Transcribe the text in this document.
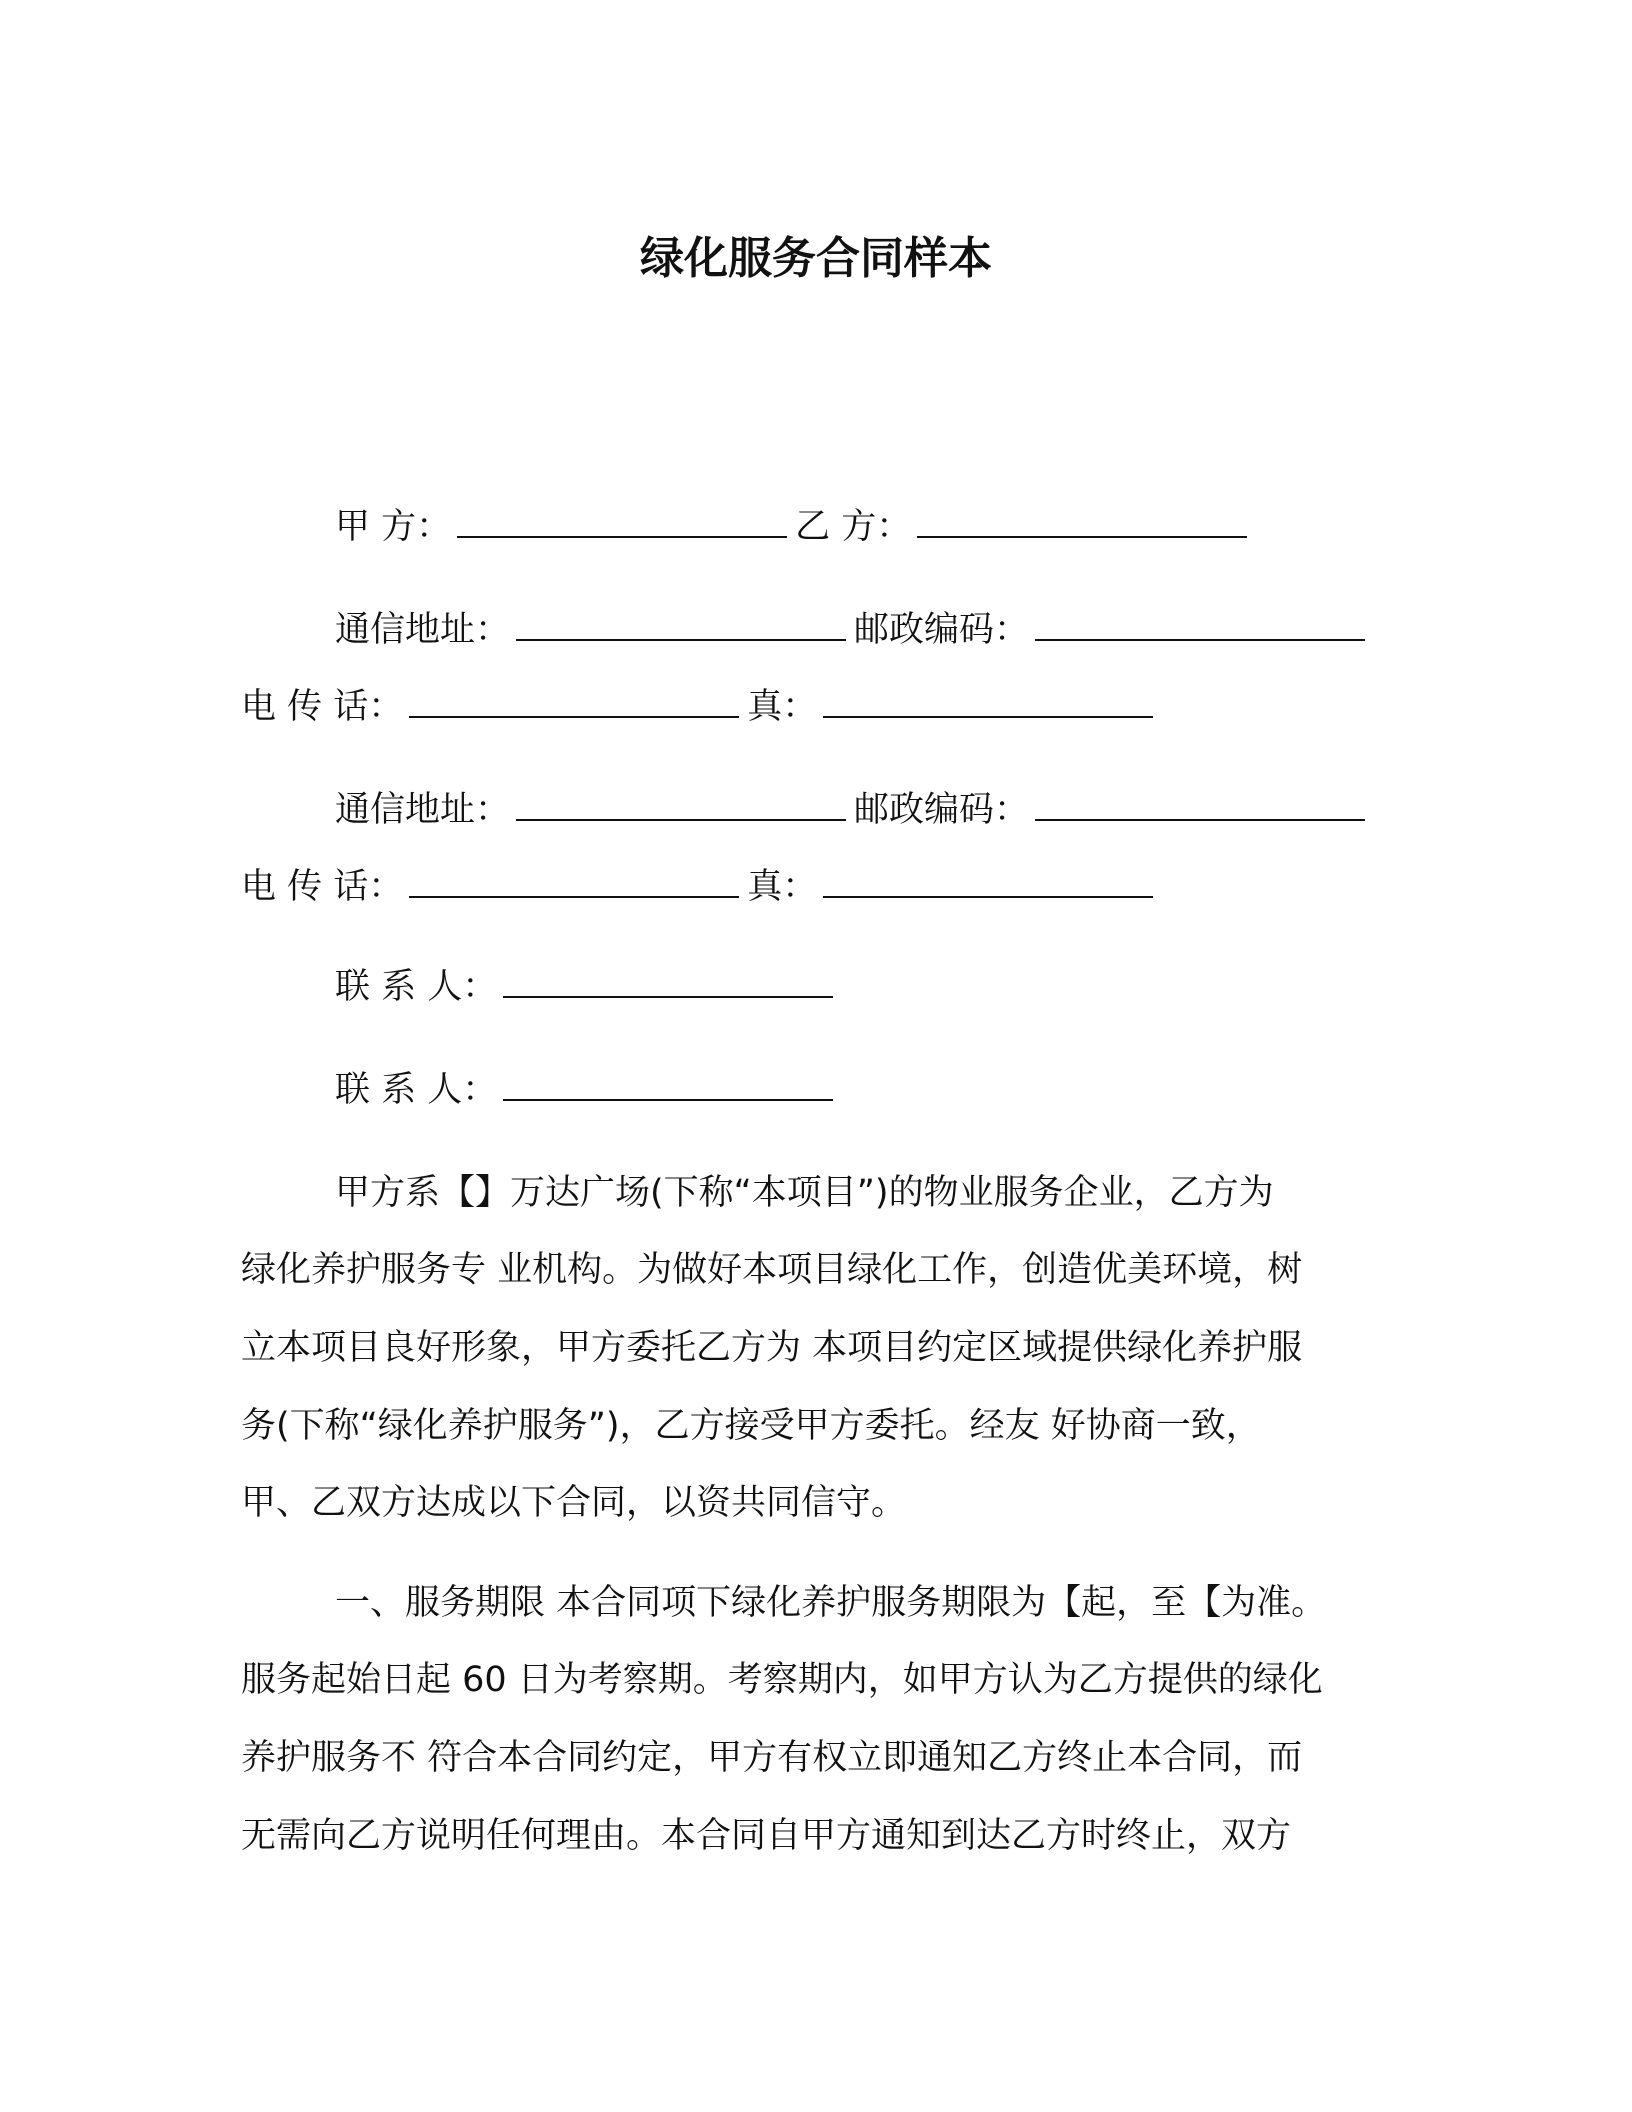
绿化服务合同样本
甲 方：	乙 方：
通信地址：	邮政编码：
电 传 话：	真：
通信地址：	邮政编码：
电 传 话：	真：
联 系 人：
联 系 人：
甲方系【】万达广场(下称“本项目”)的物业服务企业，乙方为
绿化养护服务专 业机构。为做好本项目绿化工作，创造优美环境，树
立本项目良好形象，甲方委托乙方为 本项目约定区域提供绿化养护服
务(下称“绿化养护服务”)，乙方接受甲方委托。经友 好协商一致，
甲、乙双方达成以下合同，以资共同信守。
一、服务期限 本合同项下绿化养护服务期限为【起，至【为准。
服务起始日起 60 日为考察期。考察期内，如甲方认为乙方提供的绿化
养护服务不 符合本合同约定，甲方有权立即通知乙方终止本合同，而
无需向乙方说明任何理由。本合同自甲方通知到达乙方时终止，双方
